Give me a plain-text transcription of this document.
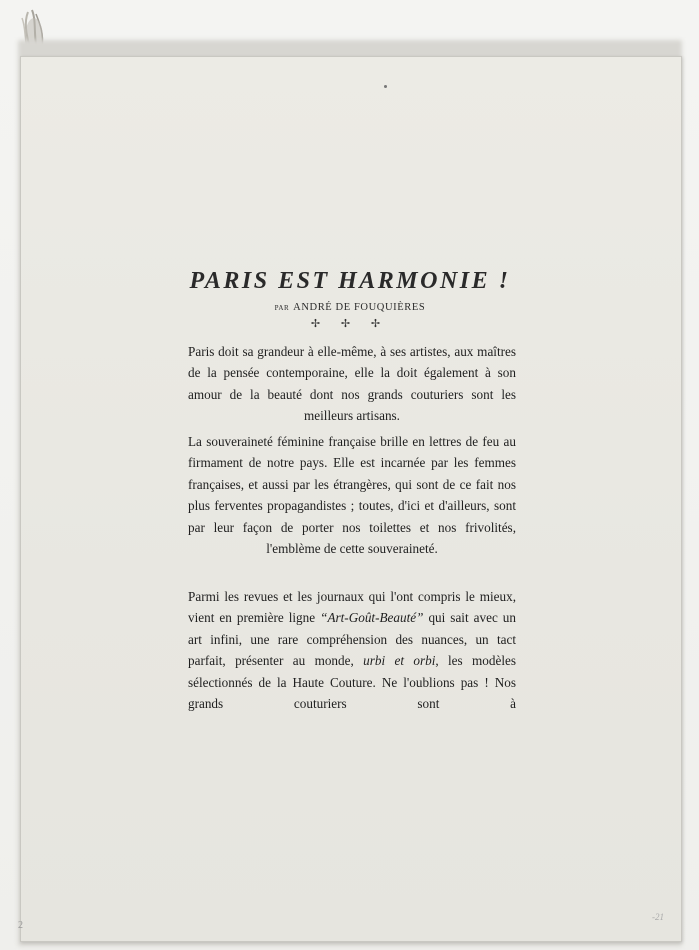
PARIS EST HARMONIE !
PAR ANDRÉ DE FOUQUIÈRES
✢ ✢ ✢

Paris doit sa grandeur à elle-même, à ses artistes, aux maîtres de la pensée contemporaine, elle la doit également à son amour de la beauté dont nos grands couturiers sont les meilleurs artisans.

La souveraineté féminine française brille en lettres de feu au firmament de notre pays. Elle est incarnée par les femmes françaises, et aussi par les étrangères, qui sont de ce fait nos plus ferventes propagandistes ; toutes, d'ici et d'ailleurs, sont par leur façon de porter nos toilettes et nos frivolités, l'emblème de cette souveraineté.

Parmi les revues et les journaux qui l'ont compris le mieux, vient en première ligne “Art-Goût-Beauté” qui sait avec un art infini, une rare compréhension des nuances, un tact parfait, présenter au monde, urbi et orbi, les modèles sélectionnés de la Haute Couture. Ne l'oublions pas ! Nos grands couturiers sont à

2
-21
